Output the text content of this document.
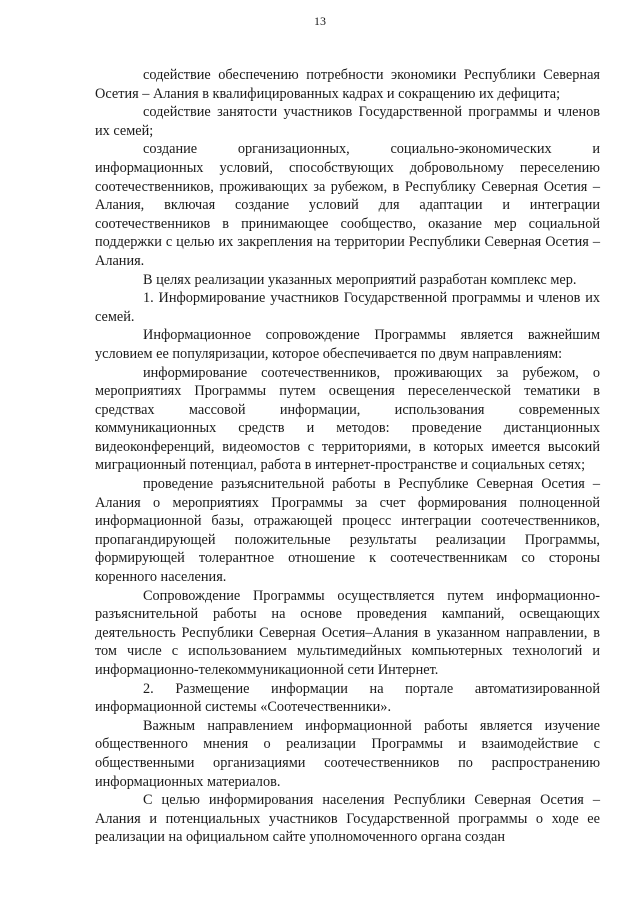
13

содействие обеспечению потребности экономики Республики Северная Осетия – Алания в квалифицированных кадрах и сокращению их дефицита;

содействие занятости участников Государственной программы и членов их семей;

создание организационных, социально-экономических и информационных условий, способствующих добровольному переселению соотечественников, проживающих за рубежом, в Республику Северная Осетия – Алания, включая создание условий для адаптации и интеграции соотечественников в принимающее сообщество, оказание мер социальной поддержки с целью их закрепления на территории Республики Северная Осетия – Алания.

В целях реализации указанных мероприятий разработан комплекс мер.

1. Информирование участников Государственной программы и членов их семей.

Информационное сопровождение Программы является важнейшим условием ее популяризации, которое обеспечивается по двум направлениям:

информирование соотечественников, проживающих за рубежом, о мероприятиях Программы путем освещения переселенческой тематики в средствах массовой информации, использования современных коммуникационных средств и методов: проведение дистанционных видеоконференций, видеомостов с территориями, в которых имеется высокий миграционный потенциал, работа в интернет-пространстве и социальных сетях;

проведение разъяснительной работы в Республике Северная Осетия – Алания о мероприятиях Программы за счет формирования полноценной информационной базы, отражающей процесс интеграции соотечественников, пропагандирующей положительные результаты реализации Программы, формирующей толерантное отношение к соотечественникам со стороны коренного населения.

Сопровождение Программы осуществляется путем информационно-разъяснительной работы на основе проведения кампаний, освещающих деятельность Республики Северная Осетия–Алания в указанном направлении, в том числе с использованием мультимедийных компьютерных технологий и информационно-телекоммуникационной сети Интернет.

2. Размещение информации на портале автоматизированной информационной системы «Соотечественники».

Важным направлением информационной работы является изучение общественного мнения о реализации Программы и взаимодействие с общественными организациями соотечественников по распространению информационных материалов.

С целью информирования населения Республики Северная Осетия – Алания и потенциальных участников Государственной программы о ходе ее реализации на официальном сайте уполномоченного органа создан
